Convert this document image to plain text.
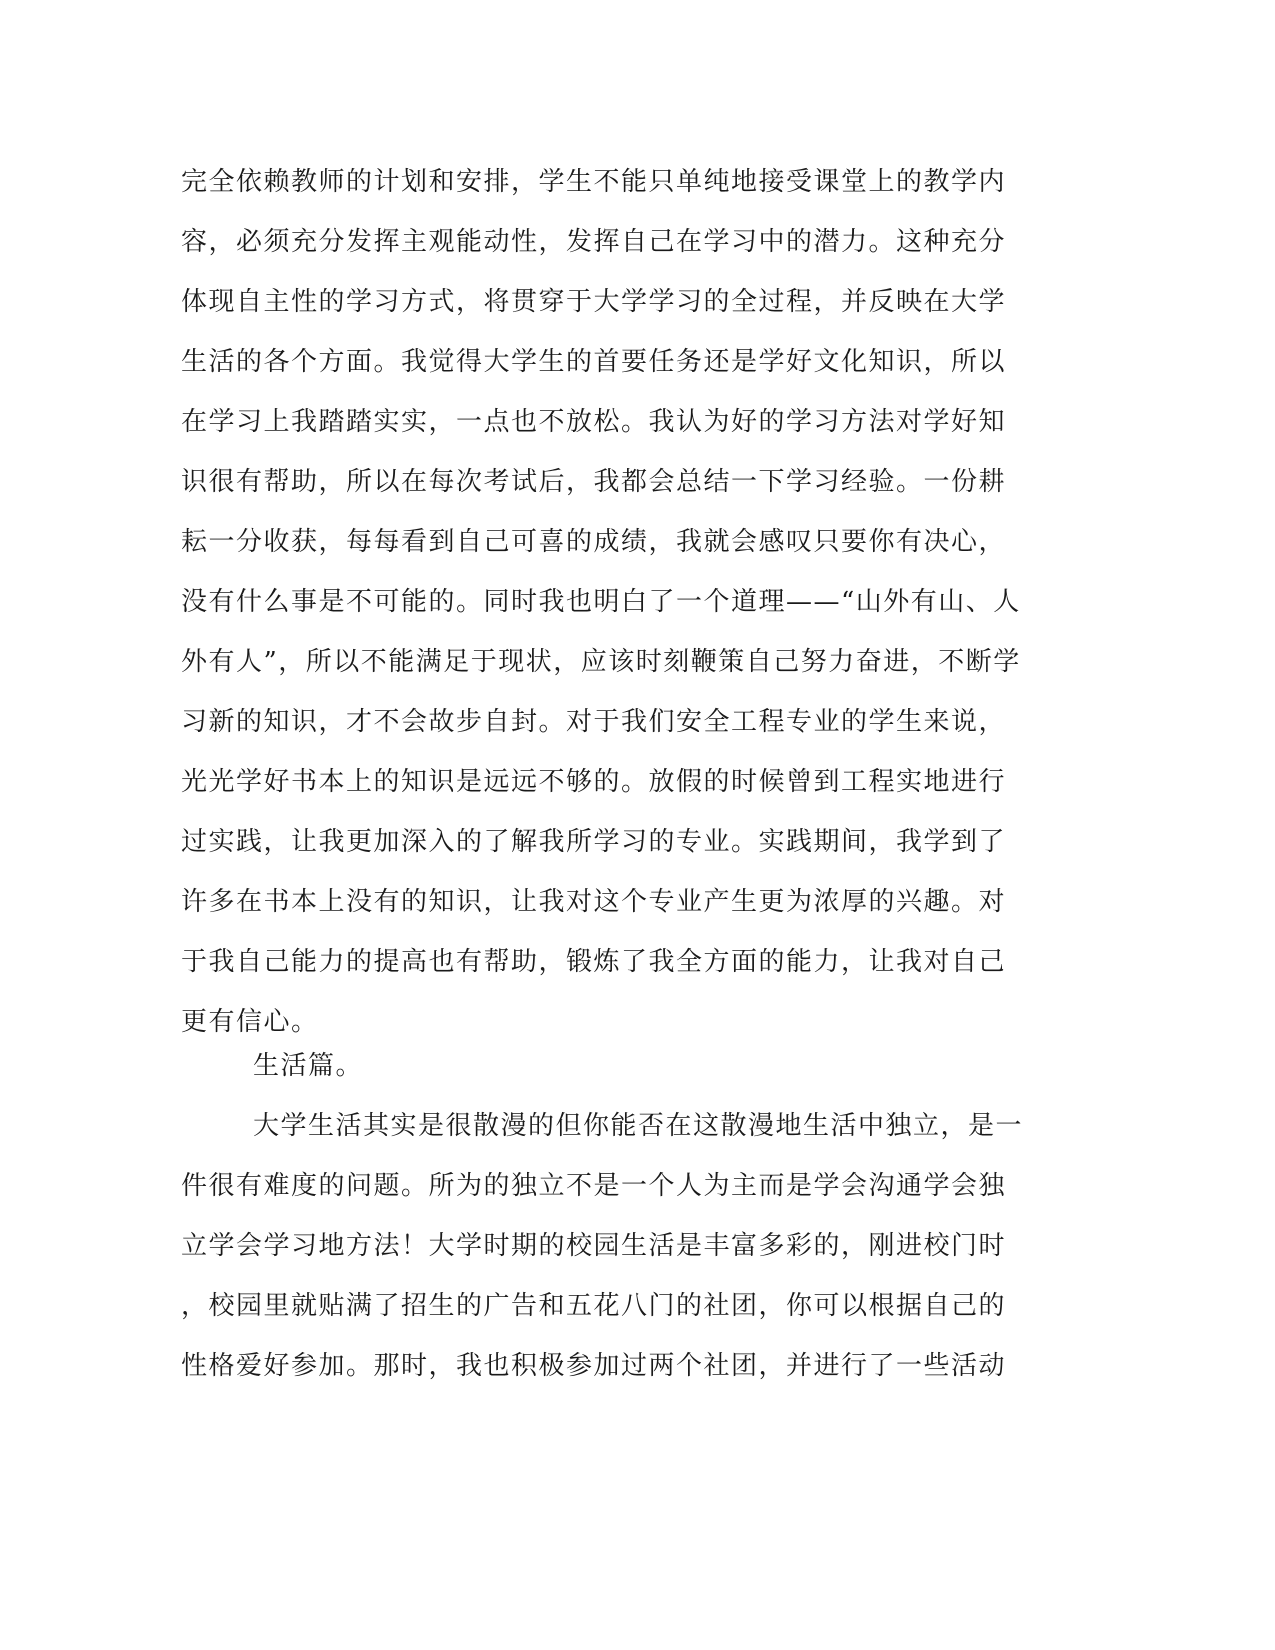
完全依赖教师的计划和安排，学生不能只单纯地接受课堂上的教学内
容，必须充分发挥主观能动性，发挥自己在学习中的潜力。这种充分
体现自主性的学习方式，将贯穿于大学学习的全过程，并反映在大学
生活的各个方面。我觉得大学生的首要任务还是学好文化知识，所以
在学习上我踏踏实实，一点也不放松。我认为好的学习方法对学好知
识很有帮助，所以在每次考试后，我都会总结一下学习经验。一份耕
耘一分收获，每每看到自己可喜的成绩，我就会感叹只要你有决心，
没有什么事是不可能的。同时我也明白了一个道理——“山外有山、人
外有人”，所以不能满足于现状，应该时刻鞭策自己努力奋进，不断学
习新的知识，才不会故步自封。对于我们安全工程专业的学生来说，
光光学好书本上的知识是远远不够的。放假的时候曾到工程实地进行
过实践，让我更加深入的了解我所学习的专业。实践期间，我学到了
许多在书本上没有的知识，让我对这个专业产生更为浓厚的兴趣。对
于我自己能力的提高也有帮助，锻炼了我全方面的能力，让我对自己
更有信心。
生活篇。
大学生活其实是很散漫的但你能否在这散漫地生活中独立，是一
件很有难度的问题。所为的独立不是一个人为主而是学会沟通学会独
立学会学习地方法！大学时期的校园生活是丰富多彩的，刚进校门时
，校园里就贴满了招生的广告和五花八门的社团，你可以根据自己的
性格爱好参加。那时，我也积极参加过两个社团，并进行了一些活动
